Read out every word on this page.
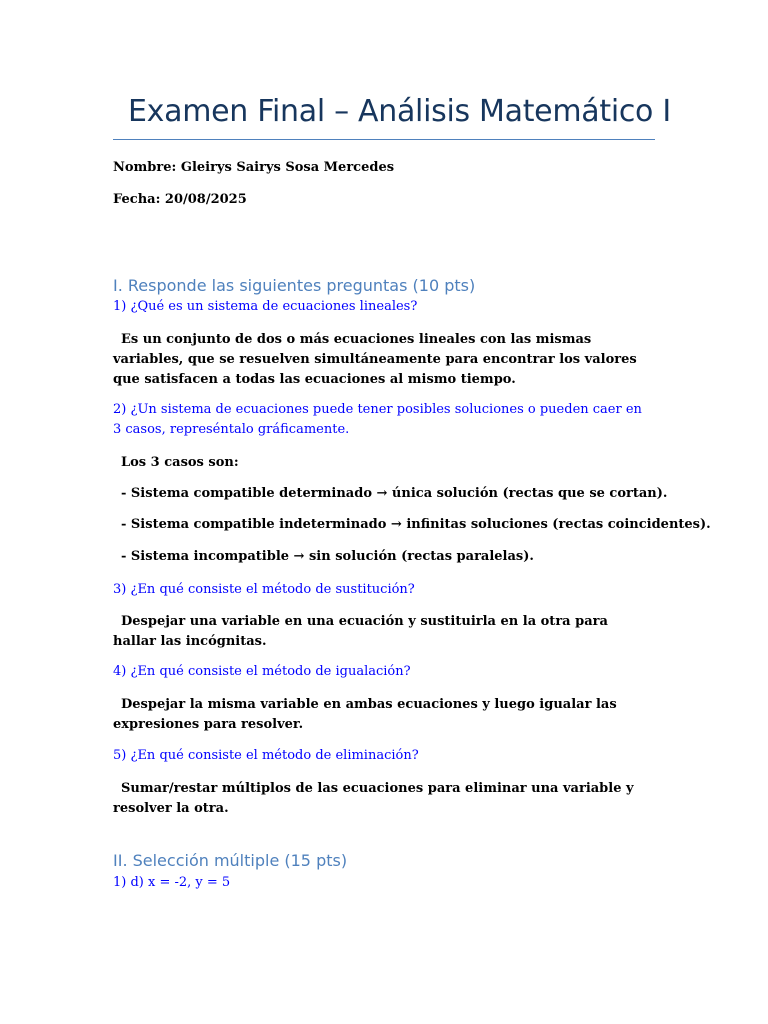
Examen Final – Análisis Matemático I

Nombre: Gleirys Sairys Sosa Mercedes

Fecha: 20/08/2025

I. Responde las siguientes preguntas (10 pts)

1) ¿Qué es un sistema de ecuaciones lineales?

Es un conjunto de dos o más ecuaciones lineales con las mismas variables, que se resuelven simultáneamente para encontrar los valores que satisfacen a todas las ecuaciones al mismo tiempo.

2) ¿Un sistema de ecuaciones puede tener posibles soluciones o pueden caer en 3 casos, represéntalo gráficamente.

Los 3 casos son:

- Sistema compatible determinado → única solución (rectas que se cortan).

- Sistema compatible indeterminado → infinitas soluciones (rectas coincidentes).

- Sistema incompatible → sin solución (rectas paralelas).

3) ¿En qué consiste el método de sustitución?

Despejar una variable en una ecuación y sustituirla en la otra para hallar las incógnitas.

4) ¿En qué consiste el método de igualación?

Despejar la misma variable en ambas ecuaciones y luego igualar las expresiones para resolver.

5) ¿En qué consiste el método de eliminación?

Sumar/restar múltiplos de las ecuaciones para eliminar una variable y resolver la otra.

II. Selección múltiple (15 pts)

1) d) x = -2, y = 5
